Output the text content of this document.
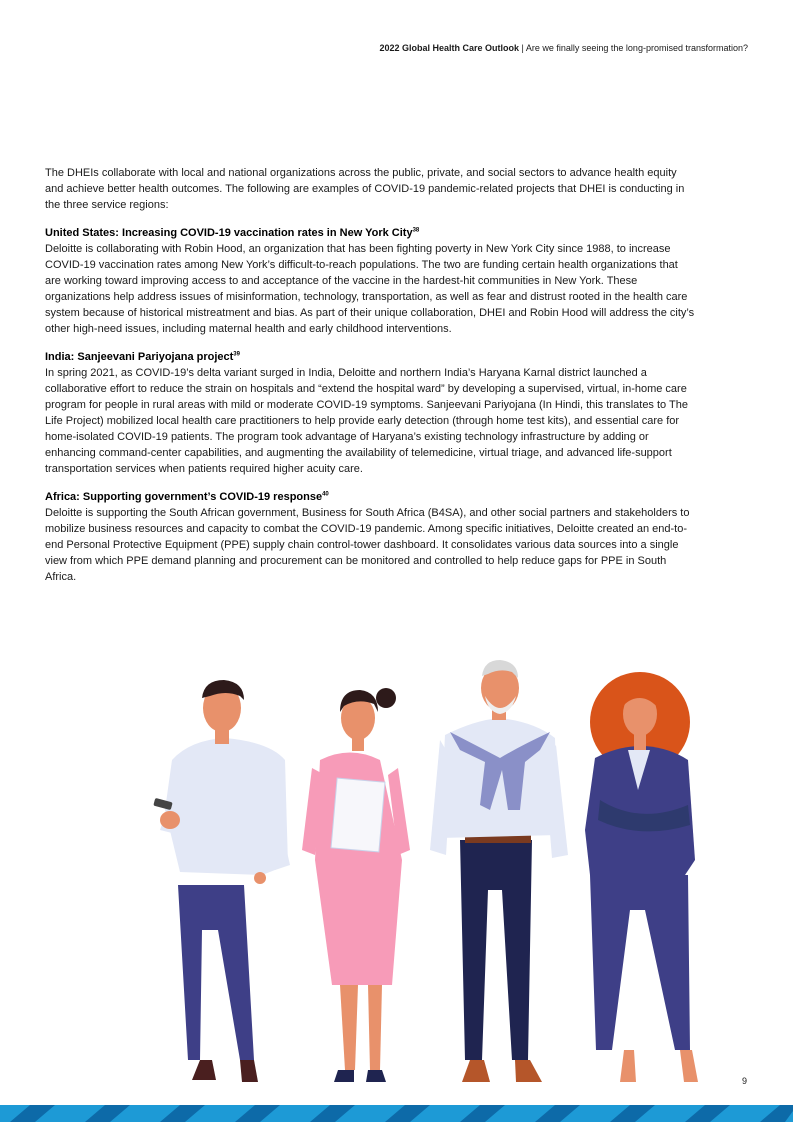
2022 Global Health Care Outlook | Are we finally seeing the long-promised transformation?

The DHEIs collaborate with local and national organizations across the public, private, and social sectors to advance health equity and achieve better health outcomes. The following are examples of COVID-19 pandemic-related projects that DHEI is conducting in the three service regions:

United States: Increasing COVID-19 vaccination rates in New York City$^{38}$

Deloitte is collaborating with Robin Hood, an organization that has been fighting poverty in New York City since 1988, to increase COVID-19 vaccination rates among New York’s difficult-to-reach populations. The two are funding certain health organizations that are working toward improving access to and acceptance of the vaccine in the hardest-hit communities in New York. These organizations help address issues of misinformation, technology, transportation, as well as fear and distrust rooted in the health care system because of historical mistreatment and bias. As part of their unique collaboration, DHEI and Robin Hood will address the city’s other high-need issues, including maternal health and early childhood interventions.

India: Sanjeevani Pariyojana project$^{39}$

In spring 2021, as COVID-19’s delta variant surged in India, Deloitte and northern India’s Haryana Karnal district launched a collaborative effort to reduce the strain on hospitals and “extend the hospital ward” by developing a supervised, virtual, in-home care program for people in rural areas with mild or moderate COVID-19 symptoms. Sanjeevani Pariyojana (In Hindi, this translates to The Life Project) mobilized local health care practitioners to help provide early detection (through home test kits), and essential care for home-isolated COVID-19 patients. The program took advantage of Haryana’s existing technology infrastructure by adding or enhancing command-center capabilities, and augmenting the availability of telemedicine, virtual triage, and advanced life-support transportation services when patients required higher acuity care.

Africa: Supporting government’s COVID-19 response$^{40}$

Deloitte is supporting the South African government, Business for South Africa (B4SA), and other social partners and stakeholders to mobilize business resources and capacity to combat the COVID-19 pandemic. Among specific initiatives, Deloitte created an end-to-end Personal Protective Equipment (PPE) supply chain control-tower dashboard. It consolidates various data sources into a single view from which PPE demand planning and procurement can be monitored and controlled to help reduce gaps for PPE in South Africa.

9
